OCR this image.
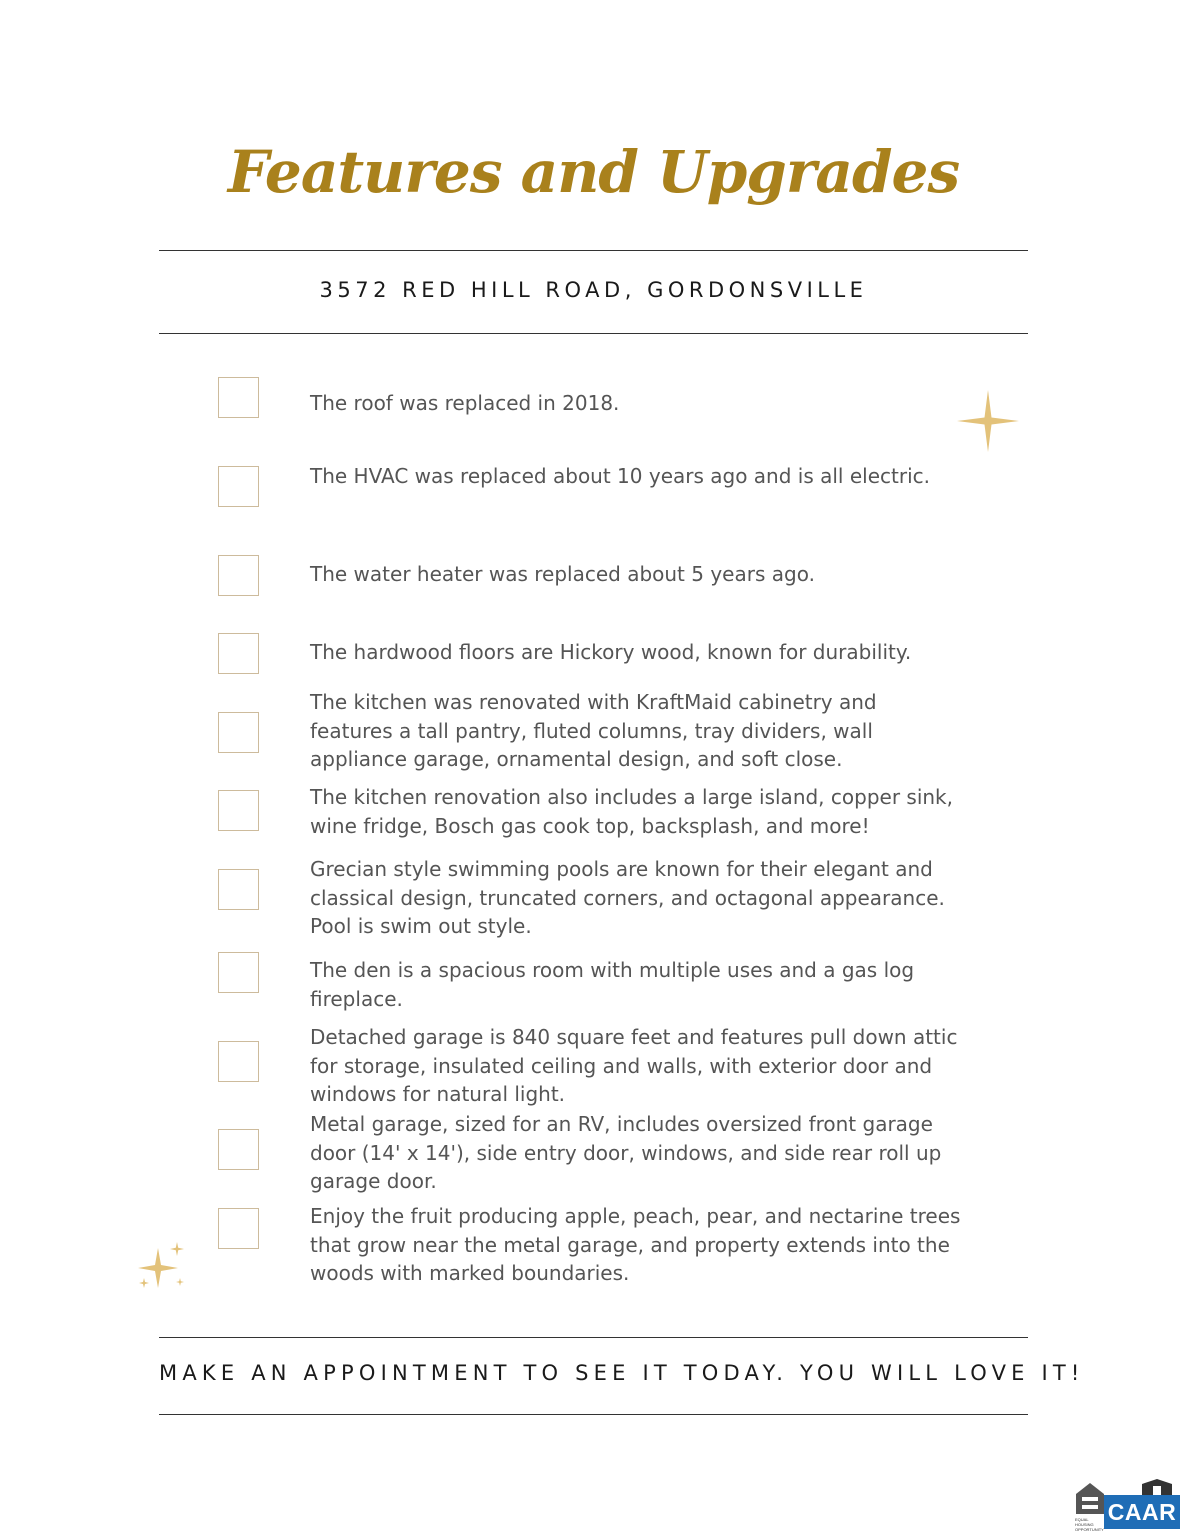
Features and Upgrades
3572 RED HILL ROAD, GORDONSVILLE
The roof was replaced in 2018.
The HVAC was replaced about 10 years ago and is all electric.
The water heater was replaced about 5 years ago.
The hardwood floors are Hickory wood, known for durability.
The kitchen was renovated with KraftMaid cabinetry and features a tall pantry, fluted columns, tray dividers, wall appliance garage, ornamental design, and soft close.
The kitchen renovation also includes a large island, copper sink, wine fridge, Bosch gas cook top, backsplash, and more!
Grecian style swimming pools are known for their elegant and classical design, truncated corners, and octagonal appearance. Pool is swim out style.
The den is a spacious room with multiple uses and a gas log fireplace.
Detached garage is 840 square feet and features pull down attic for storage, insulated ceiling and walls, with exterior door and windows for natural light.
Metal garage, sized for an RV, includes oversized front garage door (14' x 14'), side entry door, windows, and side rear roll up garage door.
Enjoy the fruit producing apple, peach, pear, and nectarine trees that grow near the metal garage, and property extends into the woods with marked boundaries.
MAKE AN APPOINTMENT TO SEE IT TODAY. YOU WILL LOVE IT!
CAAR
EQUAL HOUSING OPPORTUNITY
